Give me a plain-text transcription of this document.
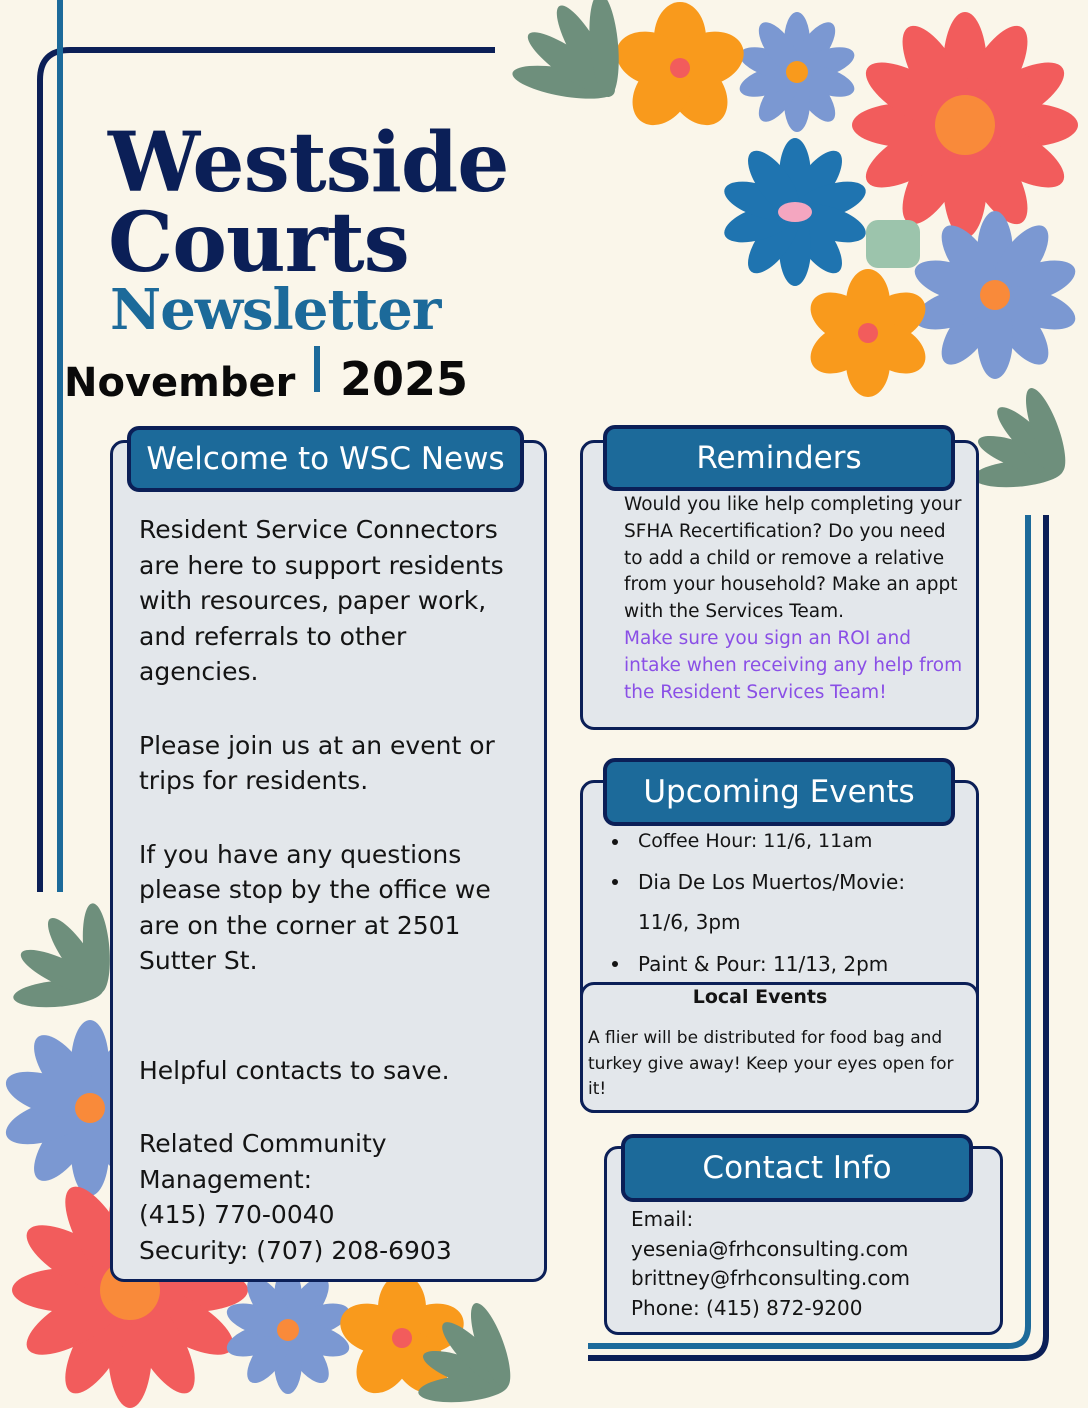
Westside
Courts
Newsletter
November 2025
Welcome to WSC News

Resident Service Connectors are here to support residents with resources, paper work, and referrals to other agencies.

Please join us at an event or trips for residents.

If you have any questions please stop by the office we are on the corner at 2501 Sutter St.

Helpful contacts to save.

Related Community Management:

(415) 770-0040

Security: (707) 208-6903

Reminders
Would you like help completing your SFHA Recertification? Do you need to add a child or remove a relative from your household? Make an appt with the Services Team.
Make sure you sign an ROI and intake when receiving any help from the Resident Services Team!
Upcoming Events
Coffee Hour: 11/6, 11am
Dia De Los Muertos/Movie:
11/6, 3pm
Paint & Pour: 11/13, 2pm
Local Events
A flier will be distributed for food bag and turkey give away! Keep your eyes open for it!
Contact Info
Email:
yesenia@frhconsulting.com
brittney@frhconsulting.com
Phone: (415) 872-9200
